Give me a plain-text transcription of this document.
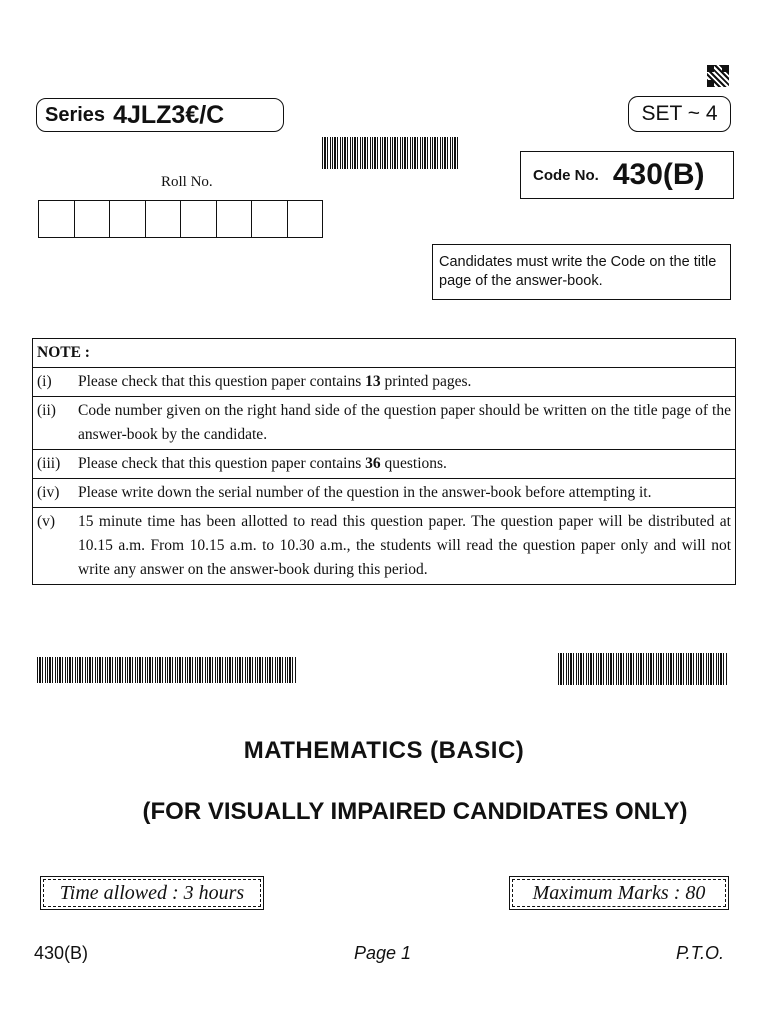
Series 4JLZ3€/C	SET ~ 4
Roll No.	Code No. 430(B)
Candidates must write the Code on the title page of the answer-book.
NOTE :	
(i)	Please check that this question paper contains 13 printed pages.
(ii)	Code number given on the right hand side of the question paper should be written on the title page of the answer-book by the candidate.
(iii)	Please check that this question paper contains 36 questions.
(iv)	Please write down the serial number of the question in the answer-book before attempting it.
(v)	15 minute time has been allotted to read this question paper. The question paper will be distributed at 10.15 a.m. From 10.15 a.m. to 10.30 a.m., the students will read the question paper only and will not write any answer on the answer-book during this period.
MATHEMATICS (BASIC)
(FOR VISUALLY IMPAIRED CANDIDATES ONLY)
Time allowed : 3 hours	Maximum Marks : 80
430(B)	Page 1	P.T.O.
